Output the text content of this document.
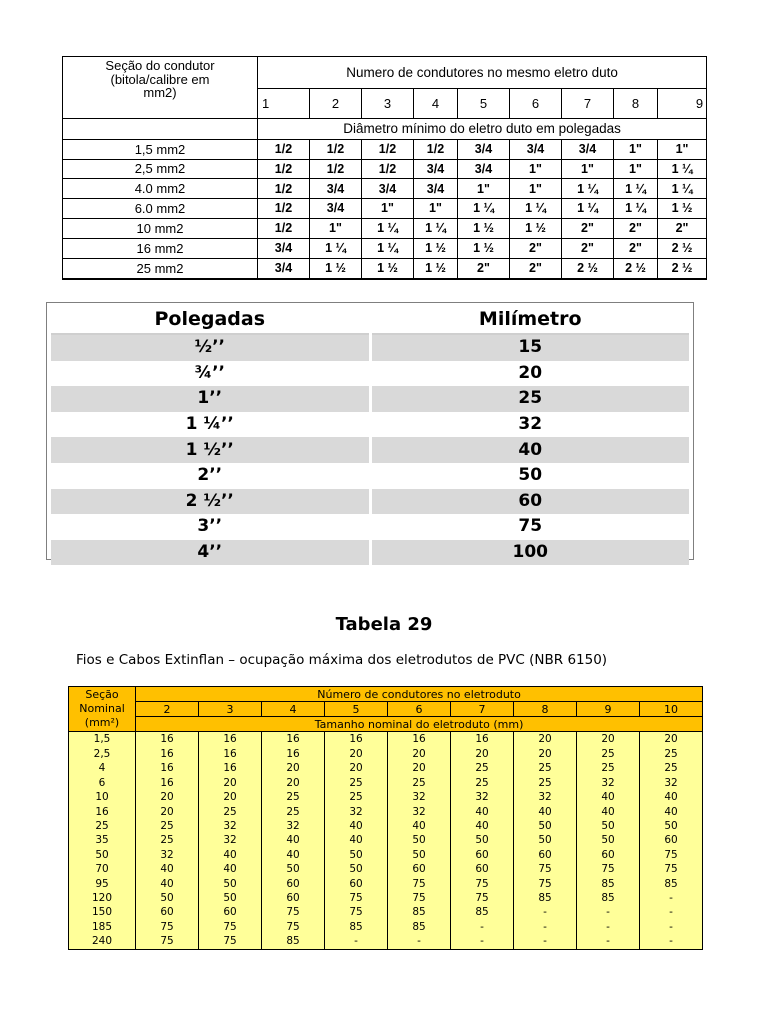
Seção do condutor
(bitola/calibre em
mm2)	Numero de condutores no mesmo eletro duto								
	1	2	3	4	5	6	7	8	9
	Diâmetro mínimo do eletro duto em polegadas								
1,5 mm2	1/2	1/2	1/2	1/2	3/4	3/4	3/4	1"	1"
2,5 mm2	1/2	1/2	1/2	3/4	3/4	1"	1"	1"	1 ¼
4.0 mm2	1/2	3/4	3/4	3/4	1"	1"	1 ¼	1 ¼	1 ¼
6.0 mm2	1/2	3/4	1"	1"	1 ¼	1 ¼	1 ¼	1 ¼	1 ½
10 mm2	1/2	1"	1 ¼	1 ¼	1 ½	1 ½	2"	2"	2"
16 mm2	3/4	1 ¼	1 ¼	1 ½	1 ½	2"	2"	2"	2 ½
25 mm2	3/4	1 ½	1 ½	1 ½	2"	2"	2 ½	2 ½	2 ½

Polegadas	Milímetro
½’’	15
¾’’	20
1’’	25
1 ¼’’	32
1 ½’’	40
2’’	50
2 ½’’	60
3’’	75
4’’	100
Tabela 29
Fios e Cabos Extinflan – ocupação máxima dos eletrodutos de PVC (NBR 6150)
Seção
Nominal
(mm²)	Número de condutores no eletroduto								
	2	3	4	5	6	7	8	9	10
	Tamanho nominal do eletroduto (mm)								
1,5	16	16	16	16	16	16	20	20	20
2,5	16	16	16	20	20	20	20	25	25
4	16	16	20	20	20	25	25	25	25
6	16	20	20	25	25	25	25	32	32
10	20	20	25	25	32	32	32	40	40
16	20	25	25	32	32	40	40	40	40
25	25	32	32	40	40	40	50	50	50
35	25	32	40	40	50	50	50	50	60
50	32	40	40	50	50	60	60	60	75
70	40	40	50	50	60	60	75	75	75
95	40	50	60	60	75	75	75	85	85
120	50	50	60	75	75	75	85	85	-
150	60	60	75	75	85	85	-	-	-
185	75	75	75	85	85	-	-	-	-
240	75	75	85	-	-	-	-	-	-
